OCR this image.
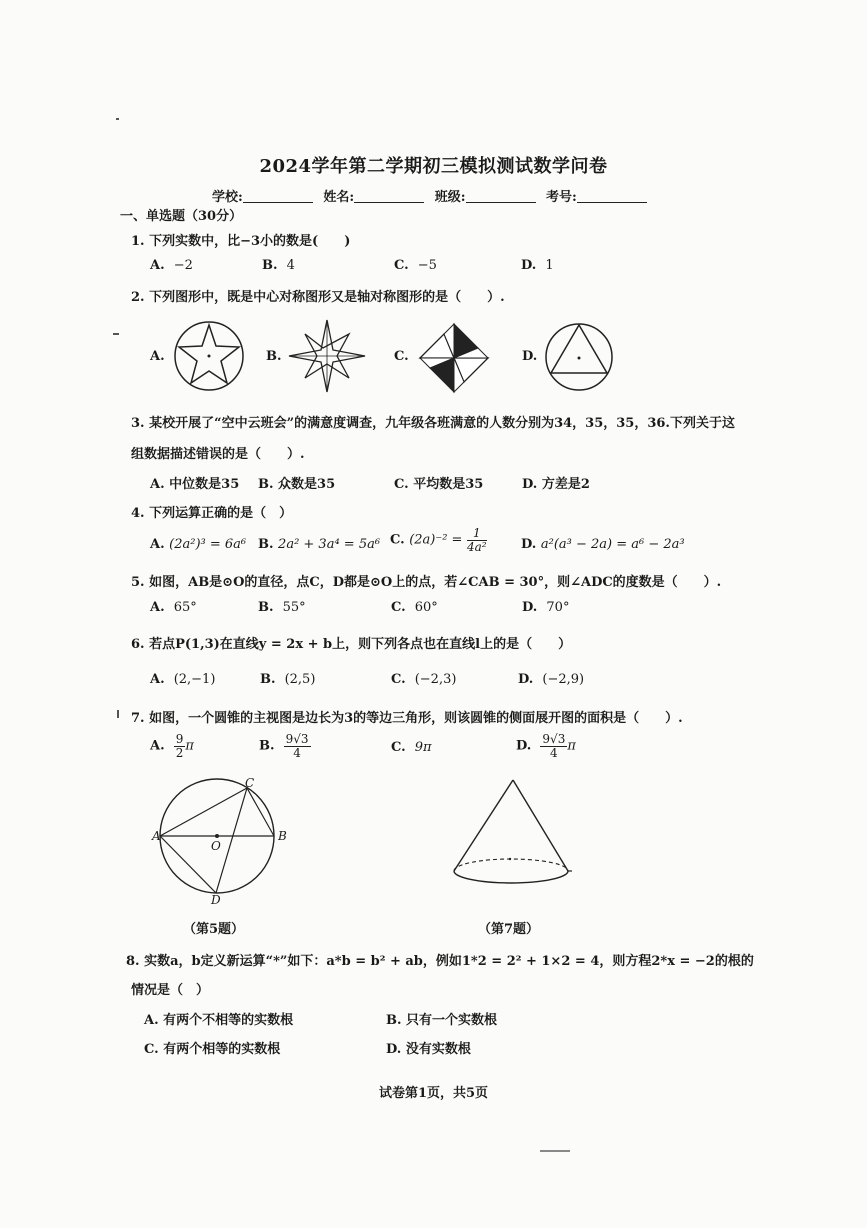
2024学年第二学期初三模拟测试数学问卷
学校:	姓名:	班级:	考号:
一、单选题（30分）
1. 下列实数中，比−3小的数是(　　)
A. −2	B. 4	C. −5	D. 1
2. 下列图形中，既是中心对称图形又是轴对称图形的是（　　）.
A.	B.	C.	D.
3. 某校开展了“空中云班会”的满意度调查，九年级各班满意的人数分别为34，35，35，36.下列关于这
组数据描述错误的是（　　）.
A. 中位数是35 B. 众数是35	C. 平均数是35	D. 方差是2
4. 下列运算正确的是（　）
A. (2a²)³ = 6a⁶ B. 2a² + 3a⁴ = 5a⁶ C. $(2a)^{-2} = \frac{1}{\text{4a²}}$	D. a²(a³ − 2a) = a⁶ − 2a³
5. 如图，AB是⊙O的直径，点C，D都是⊙O上的点，若∠CAB = 30°，则∠ADC的度数是（　　）.
A. 65°	B. 55°	C. 60°	D. 70°
6. 若点P(1,3)在直线y = 2x + b上，则下列各点也在直线l上的是（　　）
A. (2,−1)	B. (2,5)	C. (−2,3)	D. (−2,9)
7. 如图，一个圆锥的主视图是边长为3的等边三角形，则该圆锥的侧面展开图的面积是（　　）.
A. $\frac{9}{2}$ π	B. $\frac{9√3}{4}$	C. 9π	D. $\frac{9√3}{4}$ π
A	B
C
D
O
（第5题）	（第7题）
8. 实数a，b定义新运算“*”如下：a*b = b² + ab，例如1*2 = 2² + 1×2 = 4，则方程2*x = −2的根的
情况是（　）
A. 有两个不相等的实数根	B. 只有一个实数根
C. 有两个相等的实数根	D. 没有实数根
试卷第1页，共5页
